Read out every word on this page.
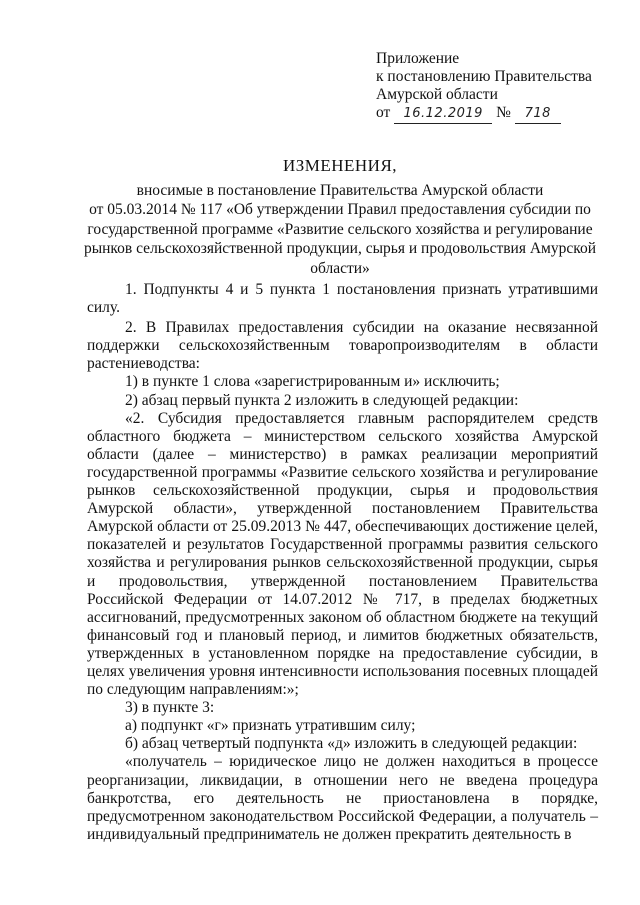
Приложение
к постановлению Правительства
Амурской области
от 16.12.2019 № 718
ИЗМЕНЕНИЯ,
вносимые в постановление Правительства Амурской области
от 05.03.2014 № 117 «Об утверждении Правил предоставления субсидии по
государственной программе «Развитие сельского хозяйства и регулирование
рынков сельскохозяйственной продукции, сырья и продовольствия Амурской
области»

1. Подпункты 4 и 5 пункта 1 постановления признать утратившими силу.

2. В Правилах предоставления субсидии на оказание несвязанной поддержки сельскохозяйственным товаропроизводителям в области растениеводства:

1) в пункте 1 слова «зарегистрированным и» исключить;

2) абзац первый пункта 2 изложить в следующей редакции:

«2. Субсидия предоставляется главным распорядителем средств областного бюджета – министерством сельского хозяйства Амурской области (далее – министерство) в рамках реализации мероприятий государственной программы «Развитие сельского хозяйства и регулирование рынков сельскохозяйственной продукции, сырья и продовольствия Амурской области», утвержденной постановлением Правительства Амурской области от 25.09.2013 № 447, обеспечивающих достижение целей, показателей и результатов Государственной программы развития сельского хозяйства и регулирования рынков сельскохозяйственной продукции, сырья и продовольствия, утвержденной постановлением Правительства Российской Федерации от 14.07.2012 № 717, в пределах бюджетных ассигнований, предусмотренных законом об областном бюджете на текущий финансовый год и плановый период, и лимитов бюджетных обязательств, утвержденных в установленном порядке на предоставление субсидии, в целях увеличения уровня интенсивности использования посевных площадей по следующим направлениям:»;

3) в пункте 3:

а) подпункт «г» признать утратившим силу;

б) абзац четвертый подпункта «д» изложить в следующей редакции:

«получатель – юридическое лицо не должен находиться в процессе реорганизации, ликвидации, в отношении него не введена процедура банкротства, его деятельность не приостановлена в порядке, предусмотренном законодательством Российской Федерации, а получатель – индивидуальный предприниматель не должен прекратить деятельность в
